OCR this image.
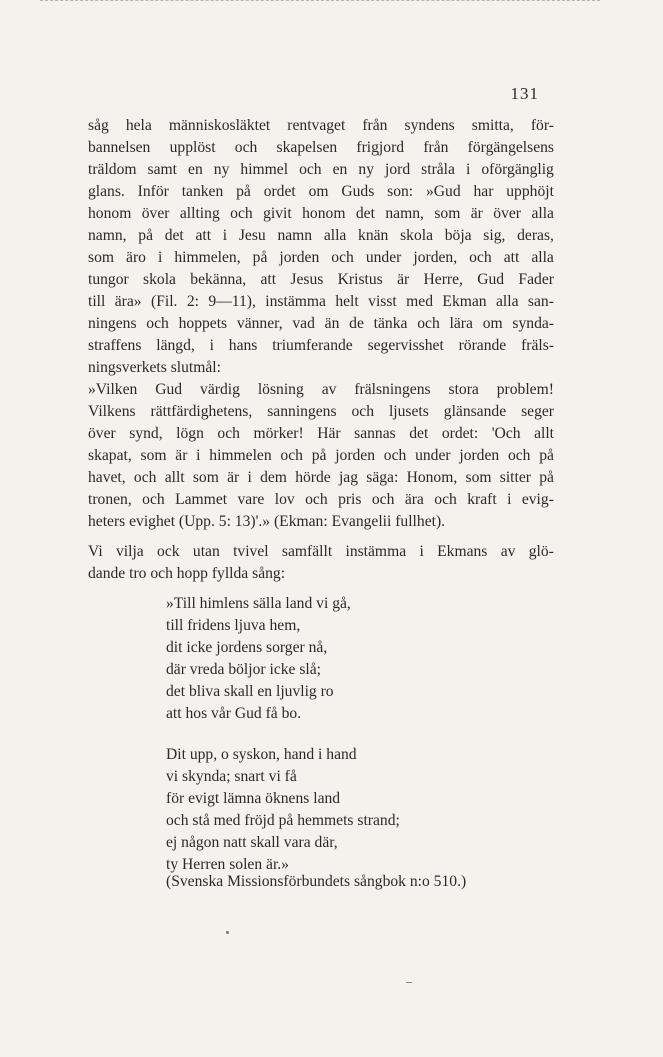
131
såg hela människosläktet rentvaget från syndens smitta, för-
bannelsen upplöst och skapelsen frigjord från förgängelsens
träldom samt en ny himmel och en ny jord stråla i oförgänglig
glans. Inför tanken på ordet om Guds son: »Gud har upphöjt
honom över allting och givit honom det namn, som är över alla
namn, på det att i Jesu namn alla knän skola böja sig, deras,
som äro i himmelen, på jorden och under jorden, och att alla
tungor skola bekänna, att Jesus Kristus är Herre, Gud Fader
till ära» (Fil. 2: 9—11), instämma helt visst med Ekman alla san-
ningens och hoppets vänner, vad än de tänka och lära om synda-
straffens längd, i hans triumferande segervisshet rörande fräls-
ningsverkets slutmål:
»Vilken Gud värdig lösning av frälsningens stora problem!
Vilkens rättfärdighetens, sanningens och ljusets glänsande seger
över synd, lögn och mörker! Här sannas det ordet: 'Och allt
skapat, som är i himmelen och på jorden och under jorden och på
havet, och allt som är i dem hörde jag säga: Honom, som sitter på
tronen, och Lammet vare lov och pris och ära och kraft i evig-
heters evighet (Upp. 5: 13)'.» (Ekman: Evangelii fullhet).
Vi vilja ock utan tvivel samfällt instämma i Ekmans av glö-
dande tro och hopp fyllda sång:
»Till himlens sälla land vi gå,
till fridens ljuva hem,
dit icke jordens sorger nå,
där vreda böljor icke slå;
det bliva skall en ljuvlig ro
att hos vår Gud få bo.
Dit upp, o syskon, hand i hand
vi skynda; snart vi få
för evigt lämna öknens land
och stå med fröjd på hemmets strand;
ej någon natt skall vara där,
ty Herren solen är.»
(Svenska Missionsförbundets sångbok n:o 510.)
